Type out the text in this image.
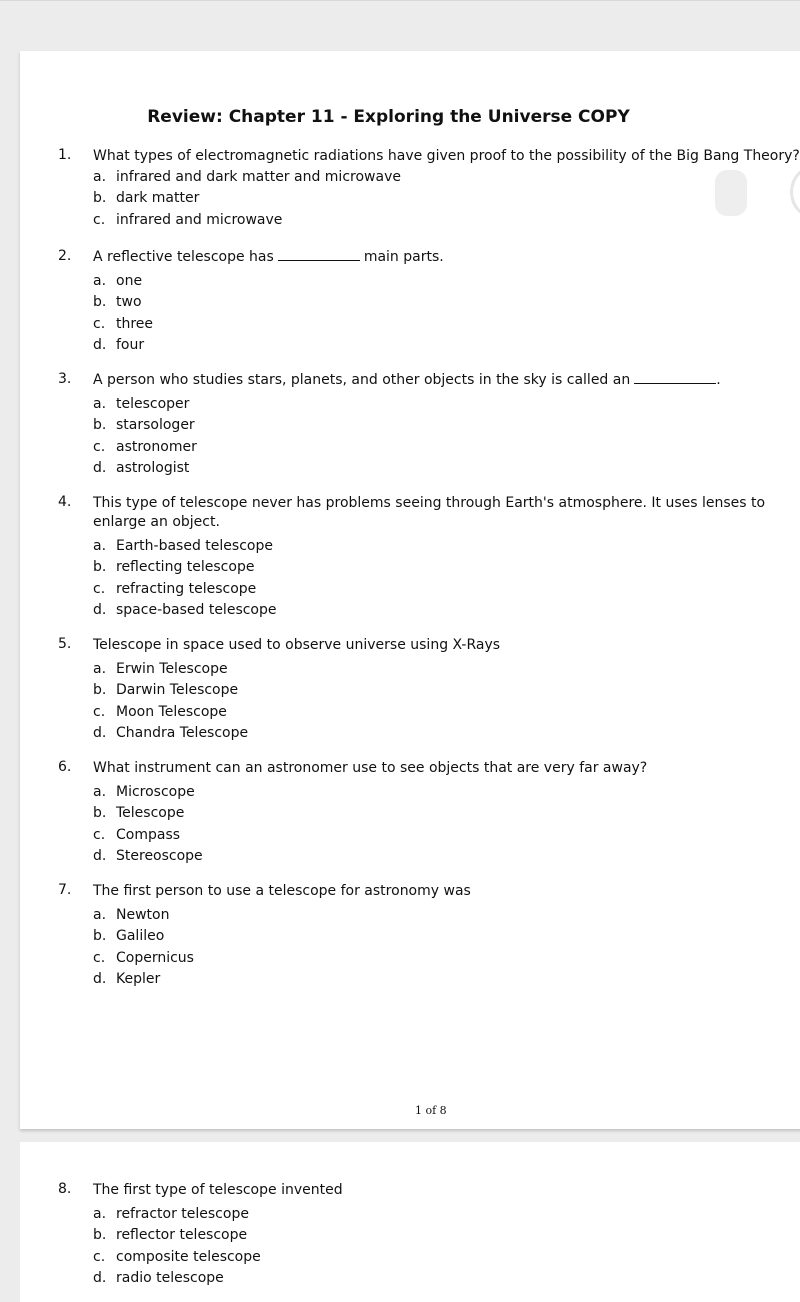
Review: Chapter 11 - Exploring the Universe COPY
1. What types of electromagnetic radiations have given proof to the possibility of the Big Bang Theory?
a. infrared and dark matter and microwave
b. dark matter
c. infrared and microwave
2. A reflective telescope has	main parts.
a. one
b. two
c. three
d. four
3. A person who studies stars, planets, and other objects in the sky is called an	.
a. telescoper
b. starsologer
c. astronomer
d. astrologist
4. This type of telescope never has problems seeing through Earth's atmosphere. It uses lenses to enlarge an object.
a. Earth-based telescope
b. reflecting telescope
c. refracting telescope
d. space-based telescope
5. Telescope in space used to observe universe using X-Rays
a. Erwin Telescope
b. Darwin Telescope
c. Moon Telescope
d. Chandra Telescope
6. What instrument can an astronomer use to see objects that are very far away?
a. Microscope
b. Telescope
c. Compass
d. Stereoscope
7. The first person to use a telescope for astronomy was
a. Newton
b. Galileo
c. Copernicus
d. Kepler
1 of 8
8. The first type of telescope invented
a. refractor telescope
b. reflector telescope
c. composite telescope
d. radio telescope
